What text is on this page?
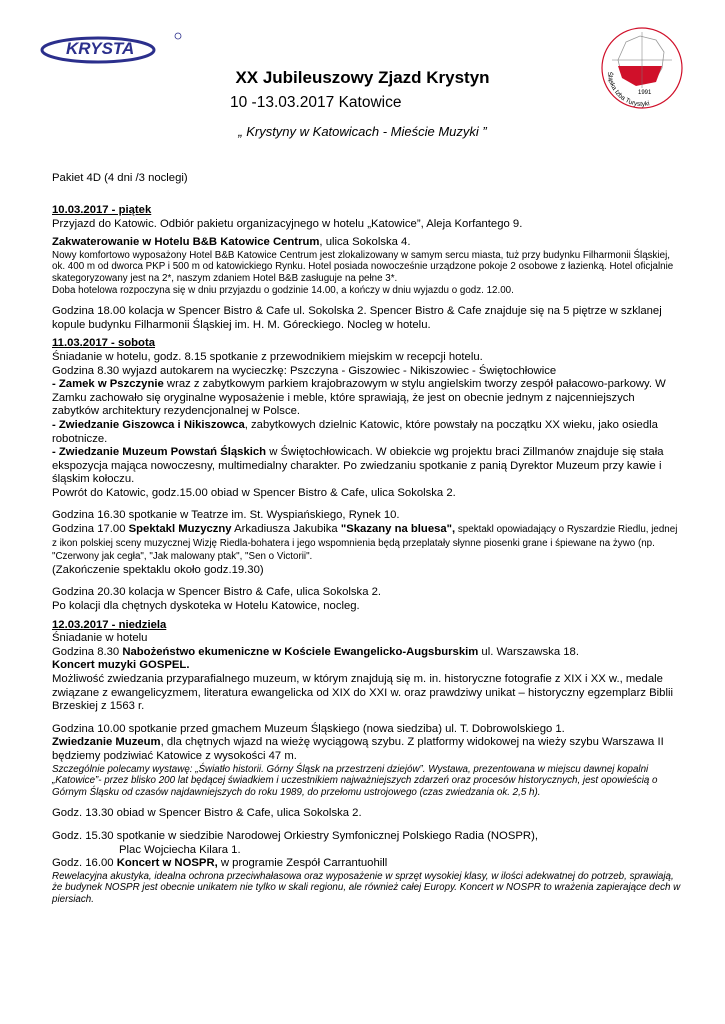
KRYSTA
1991
Śląska Izba Turystyki
XX Jubileuszowy Zjazd Krystyn
10 -13.03.2017 Katowice
„ Krystyny w Katowicach - Mieście Muzyki ”
Pakiet 4D (4 dni /3 noclegi)

10.03.2017 - piątek

Przyjazd do Katowic. Odbiór pakietu organizacyjnego w hotelu „Katowice”, Aleja Korfantego 9.

Zakwaterowanie w Hotelu B&B Katowice Centrum, ulica Sokolska 4.

Nowy komfortowo wyposażony Hotel B&B Katowice Centrum jest zlokalizowany w samym sercu miasta, tuż przy budynku Filharmonii Śląskiej, ok. 400 m od dworca PKP i 500 m od katowickiego Rynku. Hotel posiada nowocześnie urządzone pokoje 2 osobowe z łazienką. Hotel oficjalnie skategoryzowany jest na 2*, naszym zdaniem Hotel B&B zasługuje na pełne 3*.

Doba hotelowa rozpoczyna się w dniu przyjazdu o godzinie 14.00, a kończy w dniu wyjazdu o godz. 12.00.

Godzina 18.00 kolacja w Spencer Bistro & Cafe ul. Sokolska 2. Spencer Bistro & Cafe znajduje się na 5 piętrze w szklanej kopule budynku Filharmonii Śląskiej im. H. M. Góreckiego. Nocleg w hotelu.

11.03.2017 - sobota

Śniadanie w hotelu, godz. 8.15 spotkanie z przewodnikiem miejskim w recepcji hotelu.

Godzina 8.30 wyjazd autokarem na wycieczkę: Pszczyna - Giszowiec - Nikiszowiec - Świętochłowice

- Zamek w Pszczynie wraz z zabytkowym parkiem krajobrazowym w stylu angielskim tworzy zespół pałacowo-parkowy. W Zamku zachowało się oryginalne wyposażenie i meble, które sprawiają, że jest on obecnie jednym z najcenniejszych zabytków architektury rezydencjonalnej w Polsce.

- Zwiedzanie Giszowca i Nikiszowca, zabytkowych dzielnic Katowic, które powstały na początku XX wieku, jako osiedla robotnicze.

- Zwiedzanie Muzeum Powstań Śląskich w Świętochłowicach. W obiekcie wg projektu braci Zillmanów znajduje się stała ekspozycja mająca nowoczesny, multimedialny charakter. Po zwiedzaniu spotkanie z panią Dyrektor Muzeum przy kawie i śląskim kołoczu.

Powrót do Katowic, godz.15.00 obiad w Spencer Bistro & Cafe, ulica Sokolska 2.

Godzina 16.30 spotkanie w Teatrze im. St. Wyspiańskiego, Rynek 10.

Godzina 17.00 Spektakl Muzyczny Arkadiusza Jakubika "Skazany na bluesa", spektakl opowiadający o Ryszardzie Riedlu, jednej z ikon polskiej sceny muzycznej Wizję Riedla-bohatera i jego wspomnienia będą przeplatały słynne piosenki grane i śpiewane na żywo (np. "Czerwony jak cegła", "Jak malowany ptak", "Sen o Victorii".

(Zakończenie spektaklu około godz.19.30)

Godzina 20.30 kolacja w Spencer Bistro & Cafe, ulica Sokolska 2.

Po kolacji dla chętnych dyskoteka w Hotelu Katowice, nocleg.

12.03.2017 - niedziela

Śniadanie w hotelu

Godzina 8.30 Nabożeństwo ekumeniczne w Kościele Ewangelicko-Augsburskim ul. Warszawska 18.

Koncert muzyki GOSPEL.

Możliwość zwiedzania przyparafialnego muzeum, w którym znajdują się m. in. historyczne fotografie z XIX i XX w., medale związane z ewangelicyzmem, literatura ewangelicka od XIX do XXI w. oraz prawdziwy unikat – historyczny egzemplarz Biblii Brzeskiej z 1563 r.

Godzina 10.00 spotkanie przed gmachem Muzeum Śląskiego (nowa siedziba) ul. T. Dobrowolskiego 1.

Zwiedzanie Muzeum, dla chętnych wjazd na wieżę wyciągową szybu. Z platformy widokowej na wieży szybu Warszawa II będziemy podziwiać Katowice z wysokości 47 m.

Szczególnie polecamy wystawę: „Światło historii. Górny Śląsk na przestrzeni dziejów”. Wystawa, prezentowana w miejscu dawnej kopalni „Katowice”- przez blisko 200 lat będącej świadkiem i uczestnikiem najważniejszych zdarzeń oraz procesów historycznych, jest opowieścią o Górnym Śląsku od czasów najdawniejszych do roku 1989, do przełomu ustrojowego (czas zwiedzania ok. 2,5 h).

Godz. 13.30 obiad w Spencer Bistro & Cafe, ulica Sokolska 2.

Godz. 15.30 spotkanie w siedzibie Narodowej Orkiestry Symfonicznej Polskiego Radia (NOSPR),

Plac Wojciecha Kilara 1.

Godz. 16.00 Koncert w NOSPR, w programie Zespół Carrantuohill

Rewelacyjna akustyka, idealna ochrona przeciwhałasowa oraz wyposażenie w sprzęt wysokiej klasy, w ilości adekwatnej do potrzeb, sprawiają, że budynek NOSPR jest obecnie unikatem nie tylko w skali regionu, ale również całej Europy. Koncert w NOSPR to wrażenia zapierające dech w piersiach.
